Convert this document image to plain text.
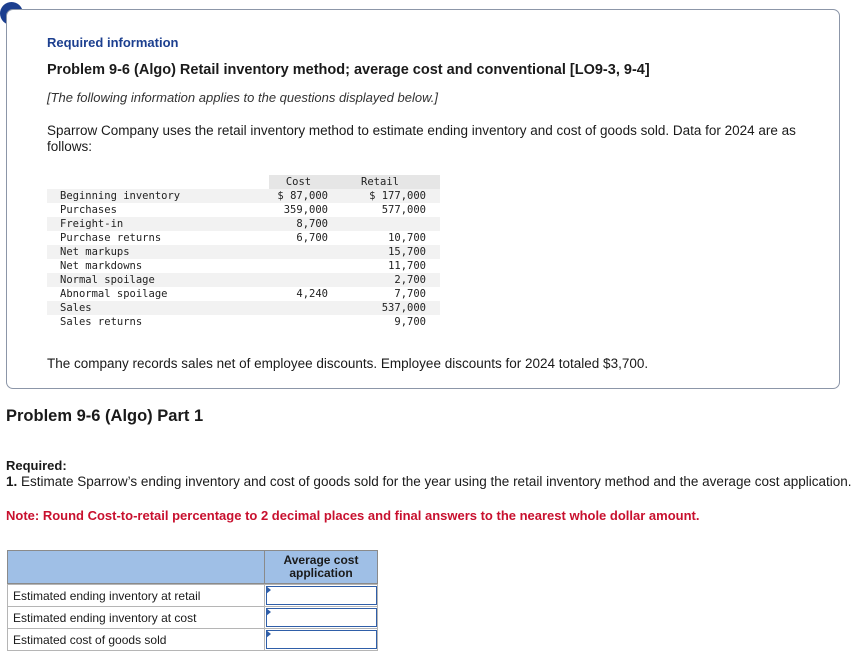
Required information
Problem 9-6 (Algo) Retail inventory method; average cost and conventional [LO9-3, 9-4]
[The following information applies to the questions displayed below.]
Sparrow Company uses the retail inventory method to estimate ending inventory and cost of goods sold. Data for 2024 are as follows:
	Cost	Retail
Beginning inventory	$ 87,000	$ 177,000
Purchases	359,000	577,000
Freight-in	8,700	
Purchase returns	6,700	10,700
Net markups		15,700
Net markdowns		11,700
Normal spoilage		2,700
Abnormal spoilage	4,240	7,700
Sales		537,000
Sales returns		9,700
The company records sales net of employee discounts. Employee discounts for 2024 totaled $3,700.
Problem 9-6 (Algo) Part 1
Required:
1. Estimate Sparrow’s ending inventory and cost of goods sold for the year using the retail inventory method and the average cost application.
Note: Round Cost-to-retail percentage to 2 decimal places and final answers to the nearest whole dollar amount.
	Average cost application

Estimated ending inventory at retail	

Estimated ending inventory at cost	

Estimated cost of goods sold	
